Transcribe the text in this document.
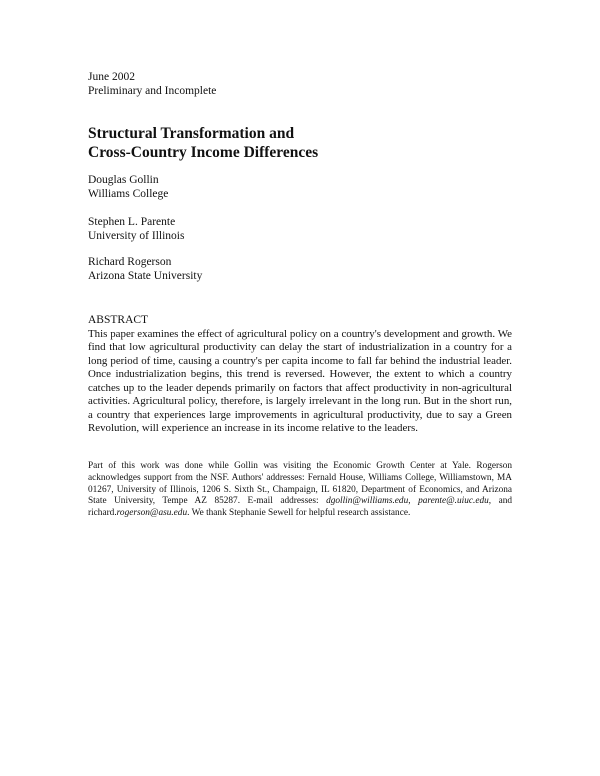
June 2002
Preliminary and Incomplete
Structural Transformation and
Cross-Country Income Differences
Douglas Gollin
Williams College
Stephen L. Parente
University of Illinois
Richard Rogerson
Arizona State University
ABSTRACT
This paper examines the effect of agricultural policy on a country's development and growth. We find that low agricultural productivity can delay the start of industrialization in a country for a long period of time, causing a country's per capita income to fall far behind the industrial leader. Once industrialization begins, this trend is reversed. However, the extent to which a country catches up to the leader depends primarily on factors that affect productivity in non-agricultural activities. Agricultural policy, therefore, is largely irrelevant in the long run. But in the short run, a country that experiences large improvements in agricultural productivity, due to say a Green Revolution, will experience an increase in its income relative to the leaders.

Part of this work was done while Gollin was visiting the Economic Growth Center at Yale. Rogerson acknowledges support from the NSF. Authors' addresses: Fernald House, Williams College, Williamstown, MA 01267, University of Illinois, 1206 S. Sixth St., Champaign, IL 61820, Department of Economics, and Arizona State University, Tempe AZ 85287. E-mail addresses: dgollin@williams.edu, parente@.uiuc.edu, and richard.rogerson@asu.edu. We thank Stephanie Sewell for helpful research assistance.
